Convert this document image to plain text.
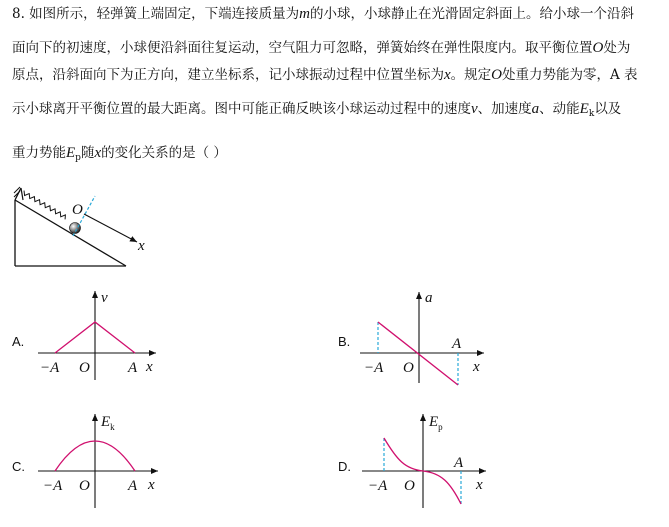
8. 如图所示，轻弹簧上端固定，下端连接质量为m的小球，小球静止在光滑固定斜面上。给小球一个沿斜
面向下的初速度，小球便沿斜面往复运动，空气阻力可忽略，弹簧始终在弹性限度内。取平衡位置O处为
原点，沿斜面向下为正方向，建立坐标系，记小球振动过程中位置坐标为x。规定O处重力势能为零，A 表
示小球离开平衡位置的最大距离。图中可能正确反映该小球运动过程中的速度v、加速度a、动能$E_k$以及
重力势能$E_p$随x的变化关系的是（ ）
O
x
A.
v
−A O	A x
B.
a
−A O
A
x
C.
$E_k$
−A O	A x
D.
$E_p$
−A O
A
x
